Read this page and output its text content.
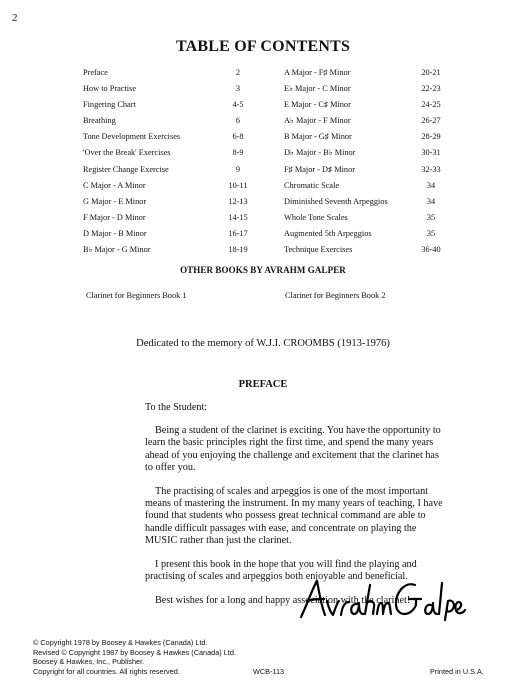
2
TABLE OF CONTENTS
Preface	2
How to Practise	3
Fingering Chart	4-5
Breathing	6
Tone Development Exercises	6-8
'Over the Break' Exercises	8-9
Register Change Exercise	9
C Major - A Minor	10-11
G Major - E Minor	12-13
F Major - D Minor	14-15
D Major - B Minor	16-17
B♭ Major - G Minor	18-19
A Major - F♯ Minor	20-21
E♭ Major - C Minor	22-23
E Major - C♯ Minor	24-25
A♭ Major - F Minor	26-27
B Major - G♯ Minor	28-29
D♭ Major - B♭ Minor	30-31
F♯ Major - D♯ Minor	32-33
Chromatic Scale	34
Diminished Seventh Arpeggios	34
Whole Tone Scales	35
Augmented 5th Arpeggios	35
Technique Exercises	36-40
OTHER BOOKS BY AVRAHM GALPER
Clarinet for Beginners Book 1	Clarinet for Beginners Book 2
Dedicated to the memory of W.J.I. CROOMBS (1913-1976)
PREFACE

To the Student:

Being a student of the clarinet is exciting. You have the opportunity to learn the basic principles right the first time, and spend the many years ahead of you enjoying the challenge and excitement that the clarinet has to offer you.

The practising of scales and arpeggios is one of the most important means of mastering the instrument. In my many years of teaching, I have found that students who possess great technical command are able to handle difficult passages with ease, and concentrate on playing the MUSIC rather than just the clarinet.

I present this book in the hope that you will find the playing and practising of scales and arpeggios both enjoyable and beneficial.

Best wishes for a long and happy association with the clarinet!

© Copyright 1978 by Boosey & Hawkes (Canada) Ltd.
Revised © Copyright 1987 by Boosey & Hawkes (Canada) Ltd.
Boosey & Hawkes, Inc., Publisher.
Copyright for all countries. All rights reserved.	WCB-113	Printed in U.S.A.
